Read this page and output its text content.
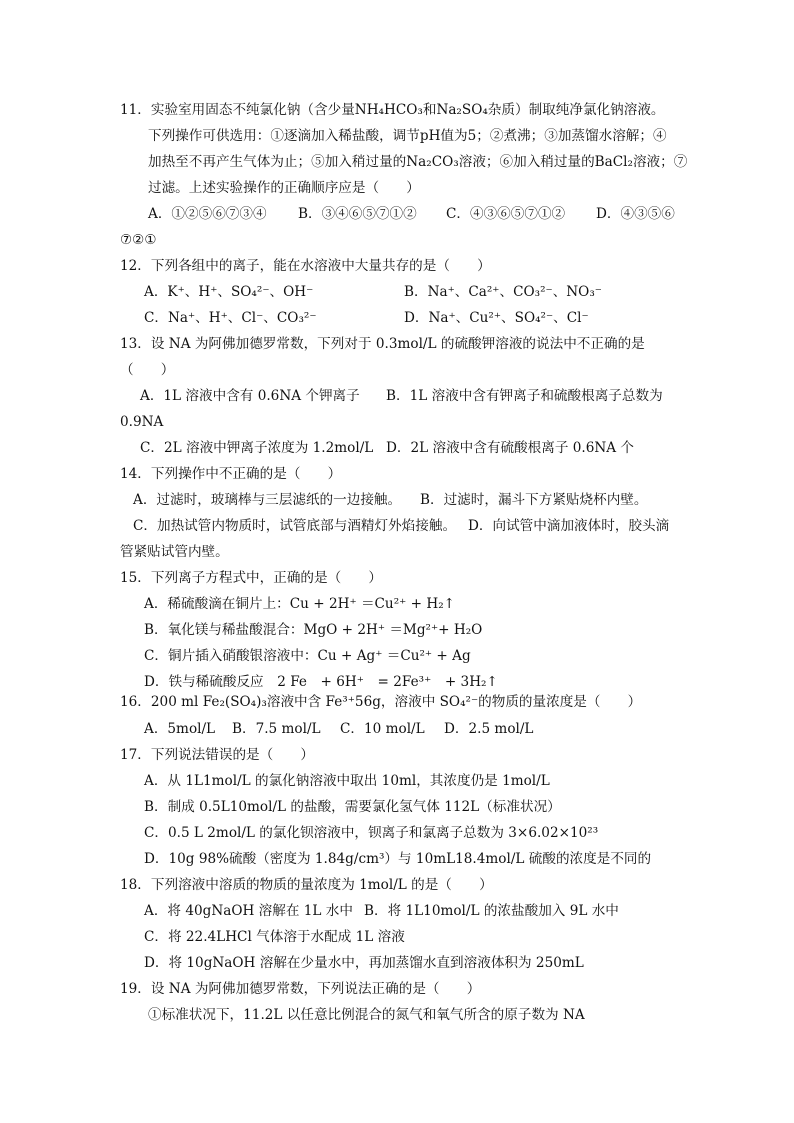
11．实验室用固态不纯氯化钠（含少量NH₄HCO₃和Na₂SO₄杂质）制取纯净氯化钠溶液。
下列操作可供选用：①逐滴加入稀盐酸，调节pH值为5；②煮沸；③加蒸馏水溶解；④
加热至不再产生气体为止；⑤加入稍过量的Na₂CO₃溶液；⑥加入稍过量的BaCl₂溶液；⑦
过滤。上述实验操作的正确顺序应是（　　）
A．①②⑤⑥⑦③④ B．③④⑥⑤⑦①② C．④③⑥⑤⑦①② D．④③⑤⑥
⑦②①
12．下列各组中的离子，能在水溶液中大量共存的是（　　）
A．K⁺、H⁺、SO₄²⁻、OH⁻	B．Na⁺、Ca²⁺、CO₃²⁻、NO₃⁻
C．Na⁺、H⁺、Cl⁻、CO₃²⁻	D．Na⁺、Cu²⁺、SO₄²⁻、Cl⁻
13．设 NA 为阿佛加德罗常数，下列对于 0.3mol/L 的硫酸钾溶液的说法中不正确的是
（　　）
A．1L 溶液中含有 0.6NA 个钾离子 B．1L 溶液中含有钾离子和硫酸根离子总数为
0.9NA
C．2L 溶液中钾离子浓度为 1.2mol/L D．2L 溶液中含有硫酸根离子 0.6NA 个
14．下列操作中不正确的是（　　）
A．过滤时，玻璃棒与三层滤纸的一边接触。 B．过滤时，漏斗下方紧贴烧杯内壁。
C．加热试管内物质时，试管底部与酒精灯外焰接触。 D．向试管中滴加液体时，胶头滴
管紧贴试管内壁。
15．下列离子方程式中，正确的是（　　）
A．稀硫酸滴在铜片上：Cu + 2H⁺ ＝Cu²⁺ + H₂↑
B．氧化镁与稀盐酸混合：MgO + 2H⁺ ＝Mg²⁺+ H₂O
C．铜片插入硝酸银溶液中：Cu + Ag⁺ ＝Cu²⁺ + Ag
D．铁与稀硫酸反应　2 Fe　+ 6H⁺　= 2Fe³⁺　+ 3H₂↑
16．200 ml Fe₂(SO₄)₃溶液中含 Fe³⁺56g，溶液中 SO₄²⁻的物质的量浓度是（　　）
A．5mol/L B．7.5 mol/L C．10 mol/L D．2.5 mol/L
17．下列说法错误的是（　　）
A．从 1L1mol/L 的氯化钠溶液中取出 10ml，其浓度仍是 1mol/L
B．制成 0.5L10mol/L 的盐酸，需要氯化氢气体 112L（标准状况）
C．0.5 L 2mol/L 的氯化钡溶液中，钡离子和氯离子总数为 3×6.02×10²³
D．10g 98%硫酸（密度为 1.84g/cm³）与 10mL18.4mol/L 硫酸的浓度是不同的
18．下列溶液中溶质的物质的量浓度为 1mol/L 的是（　　）
A．将 40gNaOH 溶解在 1L 水中 B．将 1L10mol/L 的浓盐酸加入 9L 水中
C．将 22.4LHCl 气体溶于水配成 1L 溶液
D．将 10gNaOH 溶解在少量水中，再加蒸馏水直到溶液体积为 250mL
19．设 NA 为阿佛加德罗常数，下列说法正确的是（　　）
①标准状况下，11.2L 以任意比例混合的氮气和氧气所含的原子数为 NA
